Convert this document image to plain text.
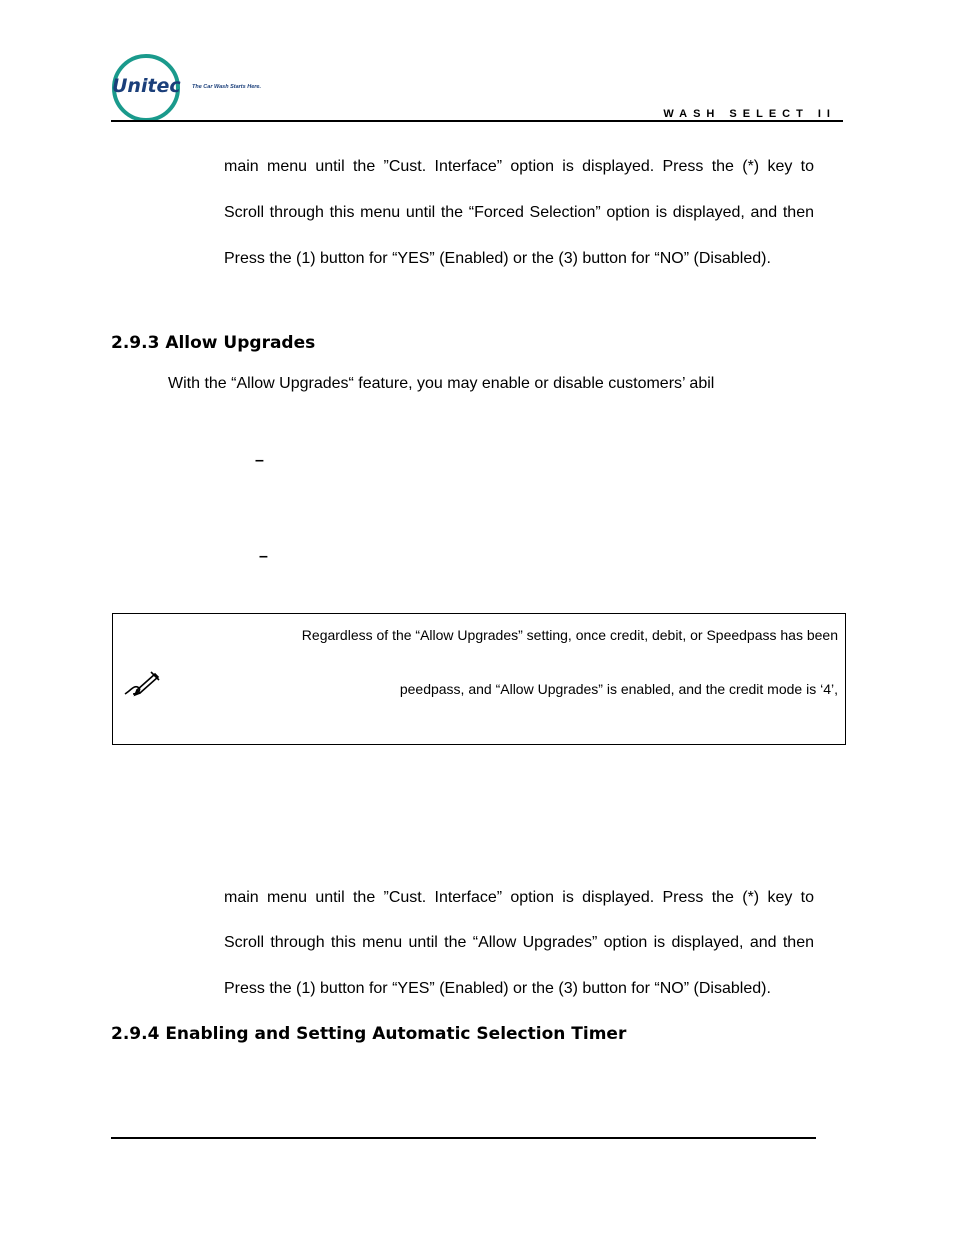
Unitec The Car Wash Starts Here.
WASH SELECT II
main menu until the ”Cust. Interface” option is displayed. Press the (*) key to
Scroll through this menu until the “Forced Selection” option is displayed, and then
Press the (1) button for “YES” (Enabled) or the (3) button for “NO” (Disabled).
2.9.3 Allow Upgrades
With the “Allow Upgrades“ feature, you may enable or disable customers’ abil
–
–
Regardless of the “Allow Upgrades” setting, once credit, debit, or Speedpass has been
peedpass, and “Allow Upgrades” is enabled, and the credit mode is ‘4’,
main menu until the ”Cust. Interface” option is displayed. Press the (*) key to
Scroll through this menu until the “Allow Upgrades” option is displayed, and then
Press the (1) button for “YES” (Enabled) or the (3) button for “NO” (Disabled).
2.9.4 Enabling and Setting Automatic Selection Timer
